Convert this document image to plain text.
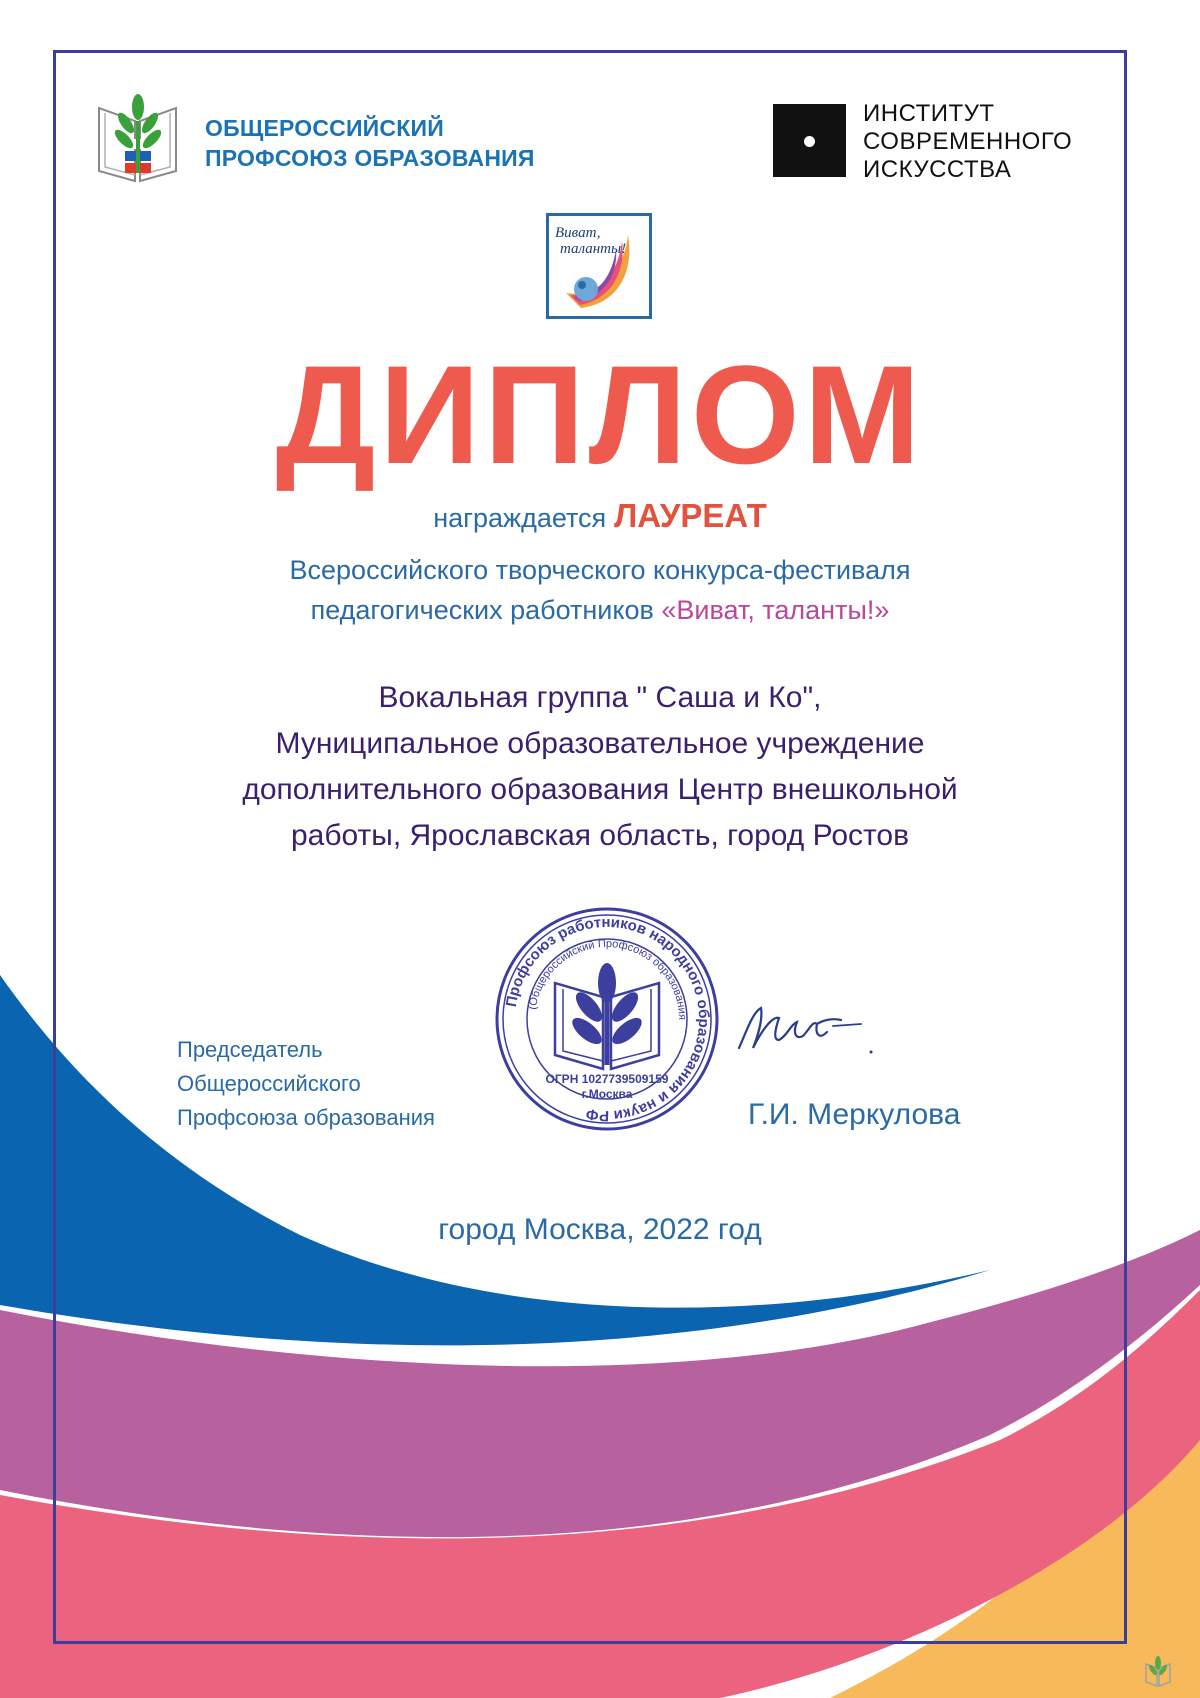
ОБЩЕРОССИЙСКИЙ
ПРОФСОЮЗ ОБРАЗОВАНИЯ
ИНСТИТУТ
СОВРЕМЕННОГО
ИСКУССТВА
Виват,
таланты!
ДИПЛОМ
награждается ЛАУРЕАТ
Всероссийского творческого конкурса-фестиваля
педагогических работников «Виват, таланты!»
Вокальная группа " Саша и Ко",
Муниципальное образовательное учреждение
дополнительного образования Центр внешкольной
работы, Ярославская область, город Ростов
Председатель
Общероссийского
Профсоюза образования
Профсоюз работников народного образования и науки РФ
(Общероссийский Профсоюз образования
ОГРН 1027739509159
г.Москва
Г.И. Меркулова
город Москва, 2022 год
